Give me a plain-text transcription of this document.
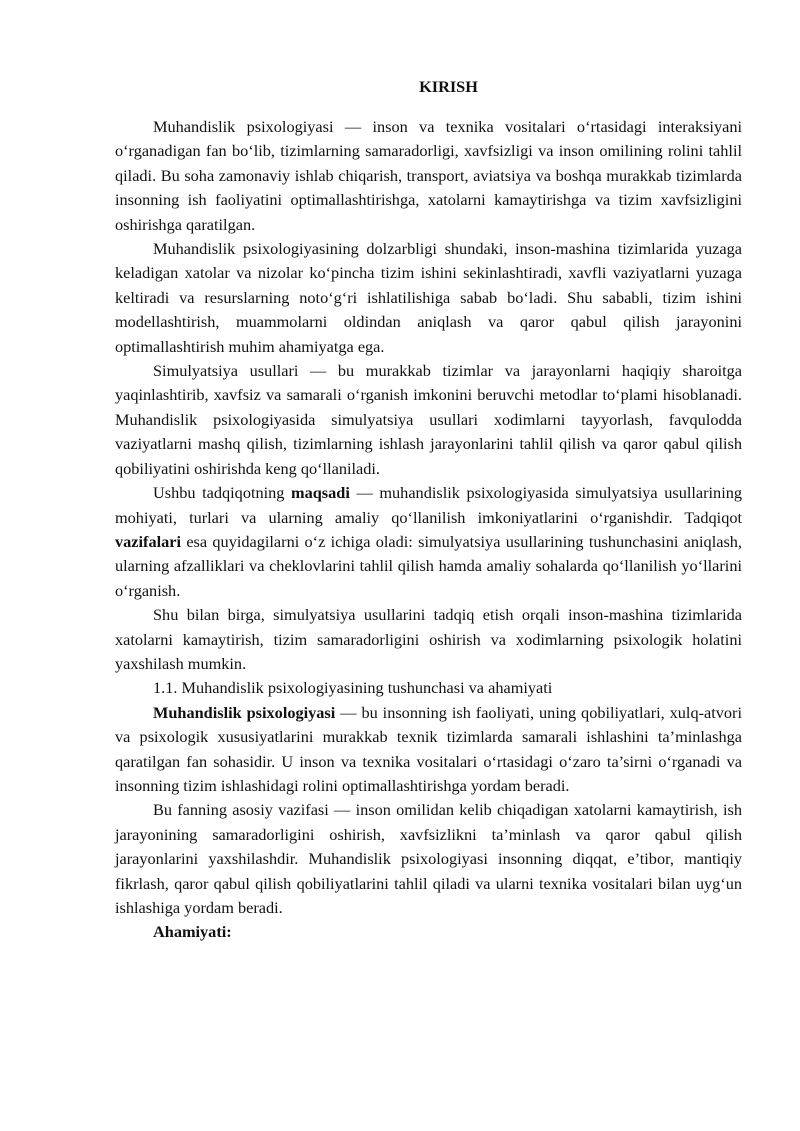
KIRISH

Muhandislik psixologiyasi — inson va texnika vositalari o‘rtasidagi interaksiyani o‘rganadigan fan bo‘lib, tizimlarning samaradorligi, xavfsizligi va inson omilining rolini tahlil qiladi. Bu soha zamonaviy ishlab chiqarish, transport, aviatsiya va boshqa murakkab tizimlarda insonning ish faoliyatini optimallashtirishga, xatolarni kamaytirishga va tizim xavfsizligini oshirishga qaratilgan.

Muhandislik psixologiyasining dolzarbligi shundaki, inson-mashina tizimlarida yuzaga keladigan xatolar va nizolar ko‘pincha tizim ishini sekinlashtiradi, xavfli vaziyatlarni yuzaga keltiradi va resurslarning noto‘g‘ri ishlatilishiga sabab bo‘ladi. Shu sababli, tizim ishini modellashtirish, muammolarni oldindan aniqlash va qaror qabul qilish jarayonini optimallashtirish muhim ahamiyatga ega.

Simulyatsiya usullari — bu murakkab tizimlar va jarayonlarni haqiqiy sharoitga yaqinlashtirib, xavfsiz va samarali o‘rganish imkonini beruvchi metodlar to‘plami hisoblanadi. Muhandislik psixologiyasida simulyatsiya usullari xodimlarni tayyorlash, favqulodda vaziyatlarni mashq qilish, tizimlarning ishlash jarayonlarini tahlil qilish va qaror qabul qilish qobiliyatini oshirishda keng qo‘llaniladi.

Ushbu tadqiqotning maqsadi — muhandislik psixologiyasida simulyatsiya usullarining mohiyati, turlari va ularning amaliy qo‘llanilish imkoniyatlarini o‘rganishdir. Tadqiqot vazifalari esa quyidagilarni o‘z ichiga oladi: simulyatsiya usullarining tushunchasini aniqlash, ularning afzalliklari va cheklovlarini tahlil qilish hamda amaliy sohalarda qo‘llanilish yo‘llarini o‘rganish.

Shu bilan birga, simulyatsiya usullarini tadqiq etish orqali inson-mashina tizimlarida xatolarni kamaytirish, tizim samaradorligini oshirish va xodimlarning psixologik holatini yaxshilash mumkin.

1.1. Muhandislik psixologiyasining tushunchasi va ahamiyati

Muhandislik psixologiyasi — bu insonning ish faoliyati, uning qobiliyatlari, xulq-atvori va psixologik xususiyatlarini murakkab texnik tizimlarda samarali ishlashini ta’minlashga qaratilgan fan sohasidir. U inson va texnika vositalari o‘rtasidagi o‘zaro ta’sirni o‘rganadi va insonning tizim ishlashidagi rolini optimallashtirishga yordam beradi.

Bu fanning asosiy vazifasi — inson omilidan kelib chiqadigan xatolarni kamaytirish, ish jarayonining samaradorligini oshirish, xavfsizlikni ta’minlash va qaror qabul qilish jarayonlarini yaxshilashdir. Muhandislik psixologiyasi insonning diqqat, e’tibor, mantiqiy fikrlash, qaror qabul qilish qobiliyatlarini tahlil qiladi va ularni texnika vositalari bilan uyg‘un ishlashiga yordam beradi.

Ahamiyati:
